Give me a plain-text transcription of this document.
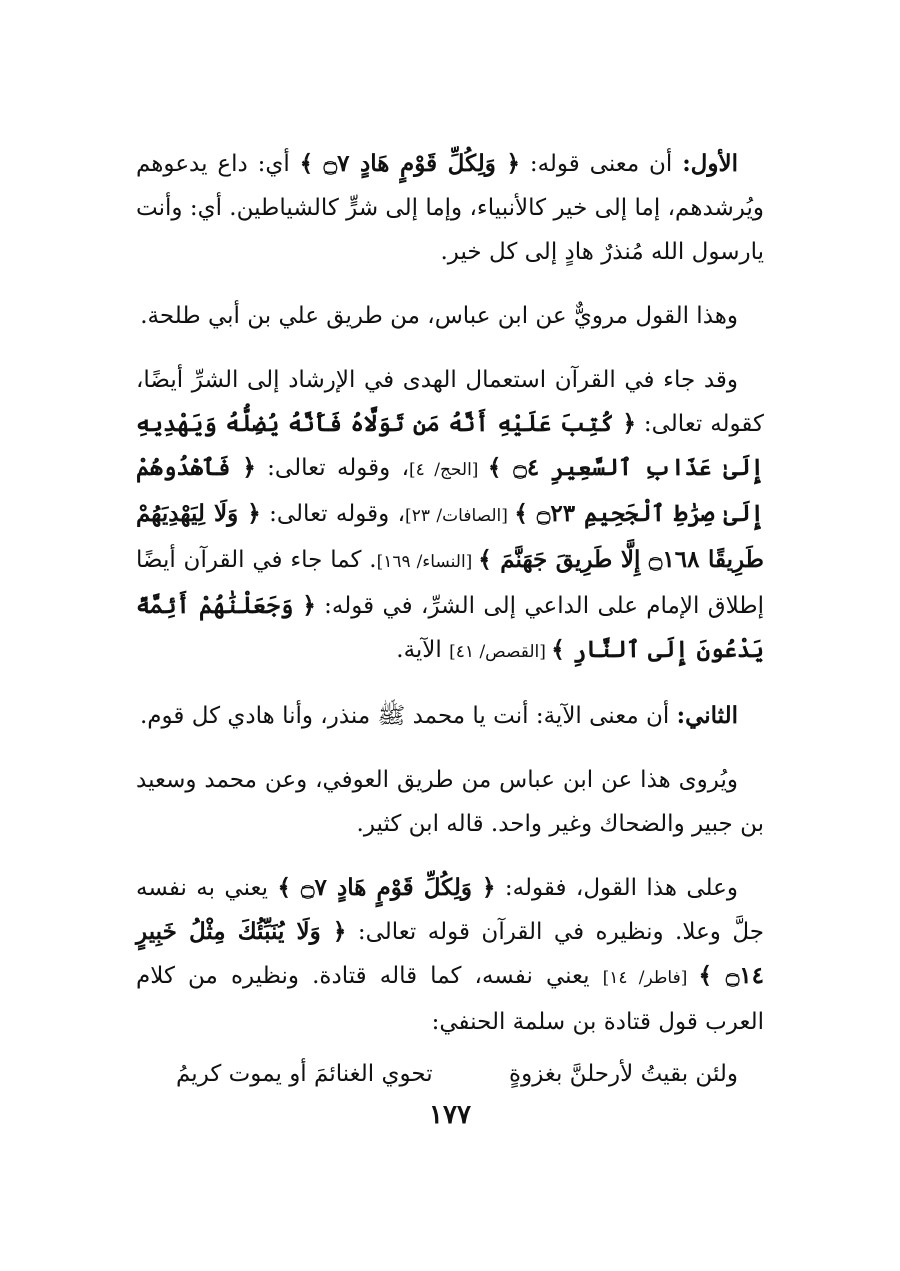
الأول: أن معنى قوله: ﴿ وَلِكُلِّ قَوْمٍ هَادٍ ۝٧ ﴾ أي: داع يدعوهم ويُرشدهم، إما إلى خير كالأنبياء، وإما إلى شرٍّ كالشياطين. أي: وأنت يارسول الله مُنذرٌ هادٍ إلى كل خير.

وهذا القول مرويٌّ عن ابن عباس، من طريق علي بن أبي طلحة.

وقد جاء في القرآن استعمال الهدى في الإرشاد إلى الشرِّ أيضًا، كقوله تعالى: ﴿ كُتِبَ عَلَيْهِ أَنَّهُ مَن تَوَلَّاهُ فَأَنَّهُ يُضِلُّهُ وَيَهْدِيهِ إِلَىٰ عَذَابِ ٱلسَّعِيرِ ۝٤ ﴾ [الحج/ ٤]، وقوله تعالى: ﴿ فَٱهْدُوهُمْ إِلَىٰ صِرَٰطِ ٱلْجَحِيمِ ۝٢٣ ﴾ [الصافات/ ٢٣]، وقوله تعالى: ﴿ وَلَا لِيَهْدِيَهُمْ طَرِيقًا ۝١٦٨ إِلَّا طَرِيقَ جَهَنَّمَ ﴾ [النساء/ ١٦٩]. كما جاء في القرآن أيضًا إطلاق الإمام على الداعي إلى الشرِّ، في قوله: ﴿ وَجَعَلْنَٰهُمْ أَئِمَّةً يَدْعُونَ إِلَى ٱلنَّارِ ﴾ [القصص/ ٤١] الآية.

الثاني: أن معنى الآية: أنت يا محمد ﷺ منذر، وأنا هادي كل قوم.

ويُروى هذا عن ابن عباس من طريق العوفي، وعن محمد وسعيد بن جبير والضحاك وغير واحد. قاله ابن كثير.

وعلى هذا القول، فقوله: ﴿ وَلِكُلِّ قَوْمٍ هَادٍ ۝٧ ﴾ يعني به نفسه جلَّ وعلا. ونظيره في القرآن قوله تعالى: ﴿ وَلَا يُنَبِّئُكَ مِثْلُ خَبِيرٍ ۝١٤ ﴾ [فاطر/ ١٤] يعني نفسه، كما قاله قتادة. ونظيره من كلام العرب قول قتادة بن سلمة الحنفي:

ولئن بقيتُ لأرحلنَّ بغزوةٍ
تحوي الغنائمَ أو يموت كريمُ
١٧٧
